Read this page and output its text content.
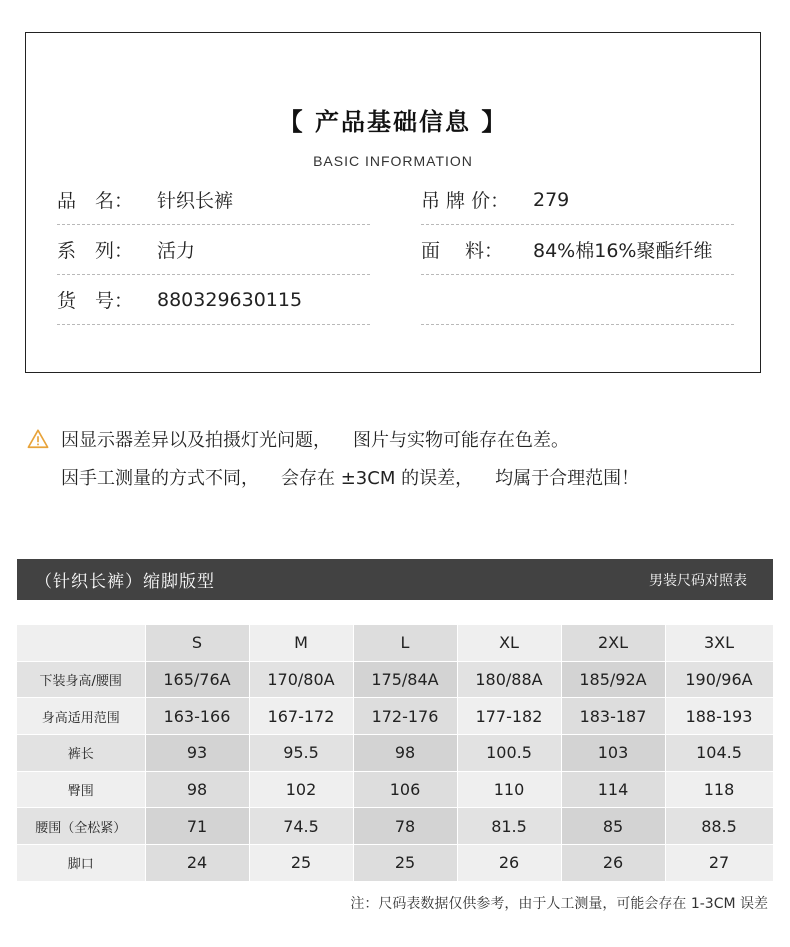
【 产品基础信息 】
BASIC INFORMATION
品　名：	针织长裤
系　列：	活力
货　号：	880329630115
吊 牌 价：	279
面　 料：	84%棉16%聚酯纤维
因显示器差异以及拍摄灯光问题， 图片与实物可能存在色差。
因手工测量的方式不同， 会存在 ±3CM 的误差， 均属于合理范围！
（针织长裤）缩脚版型	男装尺码对照表
	S	M	L	XL	2XL	3XL
下装身高/腰围	165/76A	170/80A	175/84A	180/88A	185/92A	190/96A
身高适用范围	163-166	167-172	172-176	177-182	183-187	188-193
裤长	93	95.5	98	100.5	103	104.5
臀围	98	102	106	110	114	118
腰围（全松紧）	71	74.5	78	81.5	85	88.5
脚口	24	25	25	26	26	27
注：尺码表数据仅供参考，由于人工测量，可能会存在 1-3CM 误差
